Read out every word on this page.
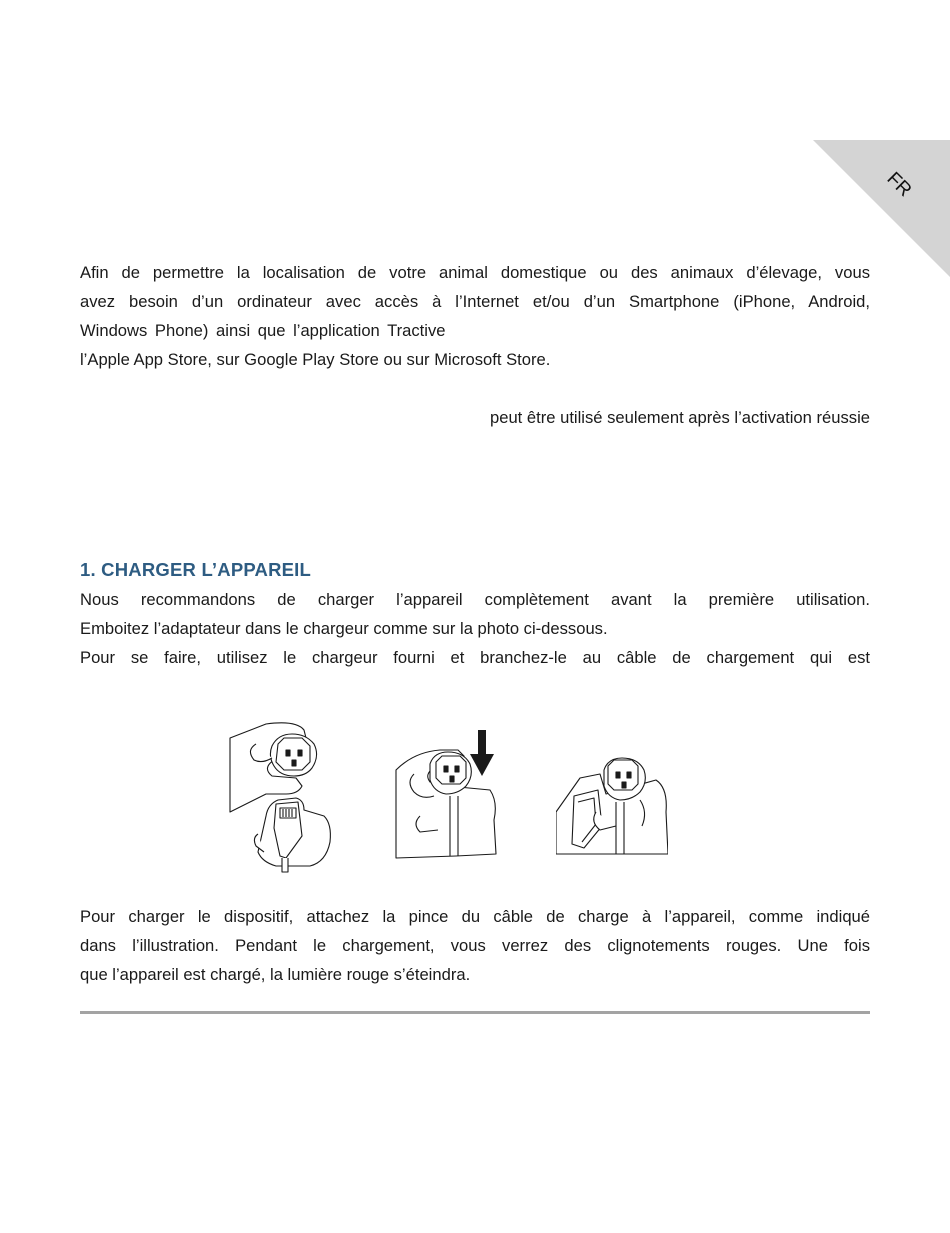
FR

Afin de permettre la localisation de votre animal domestique ou des animaux d’élevage, vous

avez besoin d’un ordinateur avec accès à l’Internet et/ou d’un Smartphone (iPhone, Android,

Windows Phone) ainsi que l’application Tractive

l’Apple App Store, sur Google Play Store ou sur Microsoft Store.

peut être utilisé seulement après l’activation réussie
1. CHARGER L’APPAREIL

Nous recommandons de charger l’appareil complètement avant la première utilisation.

Emboitez l’adaptateur dans le chargeur comme sur la photo ci-dessous.

Pour se faire, utilisez le chargeur fourni et branchez-le au câble de chargement qui est

Pour charger le dispositif, attachez la pince du câble de charge à l’appareil, comme indiqué

dans l’illustration. Pendant le chargement, vous verrez des clignotements rouges. Une fois

que l’appareil est chargé, la lumière rouge s’éteindra.
